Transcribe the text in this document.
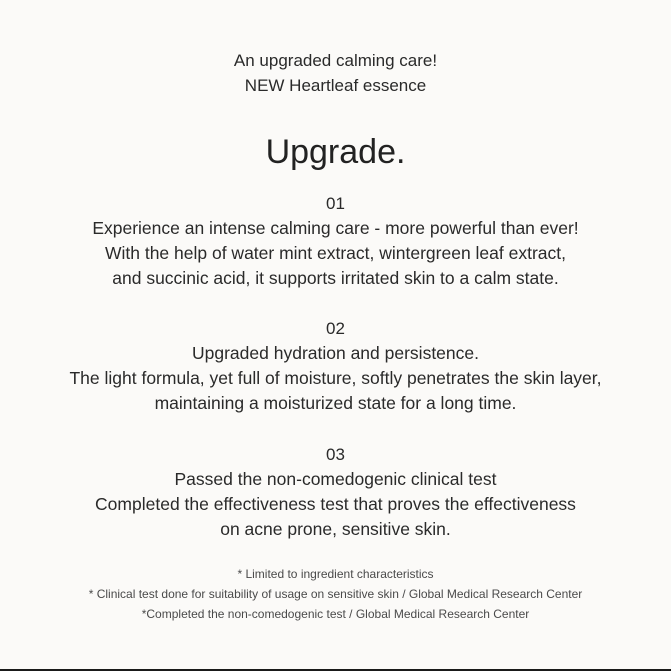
An upgraded calming care!
NEW Heartleaf essence
Upgrade.
01
Experience an intense calming care - more powerful than ever!
With the help of water mint extract, wintergreen leaf extract,
and succinic acid, it supports irritated skin to a calm state.
02
Upgraded hydration and persistence.
The light formula, yet full of moisture, softly penetrates the skin layer,
maintaining a moisturized state for a long time.
03
Passed the non-comedogenic clinical test
Completed the effectiveness test that proves the effectiveness
on acne prone, sensitive skin.
* Limited to ingredient characteristics
* Clinical test done for suitability of usage on sensitive skin / Global Medical Research Center
*Completed the non-comedogenic test / Global Medical Research Center
